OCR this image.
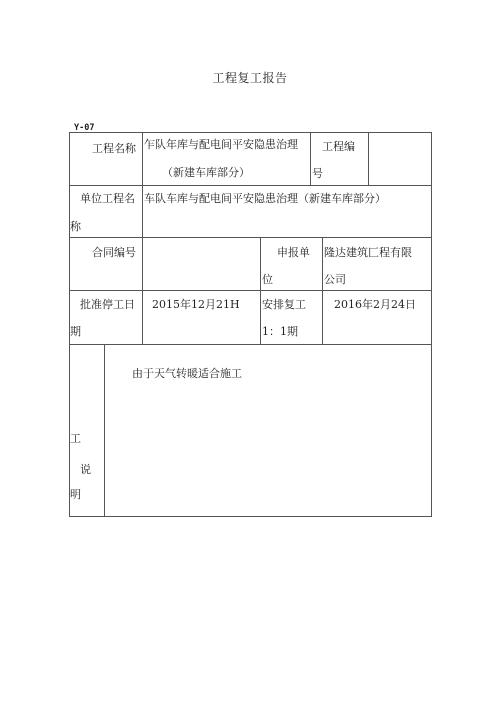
工程复工报告
Y-07
工程名称 乍队年库与配电间平安隐患治理
（新建车库部分）
工程编
号
单位工程名
称
车队车库与配电间平安隐患治理（新建车库部分）
合同编号	申报单
位
隆达建筑匚程有限
公司
批准停工日
期
2015年12月21H 安排复工
1：1期
2016年2月24日
工
说
明
由于天气转暖适合施工
